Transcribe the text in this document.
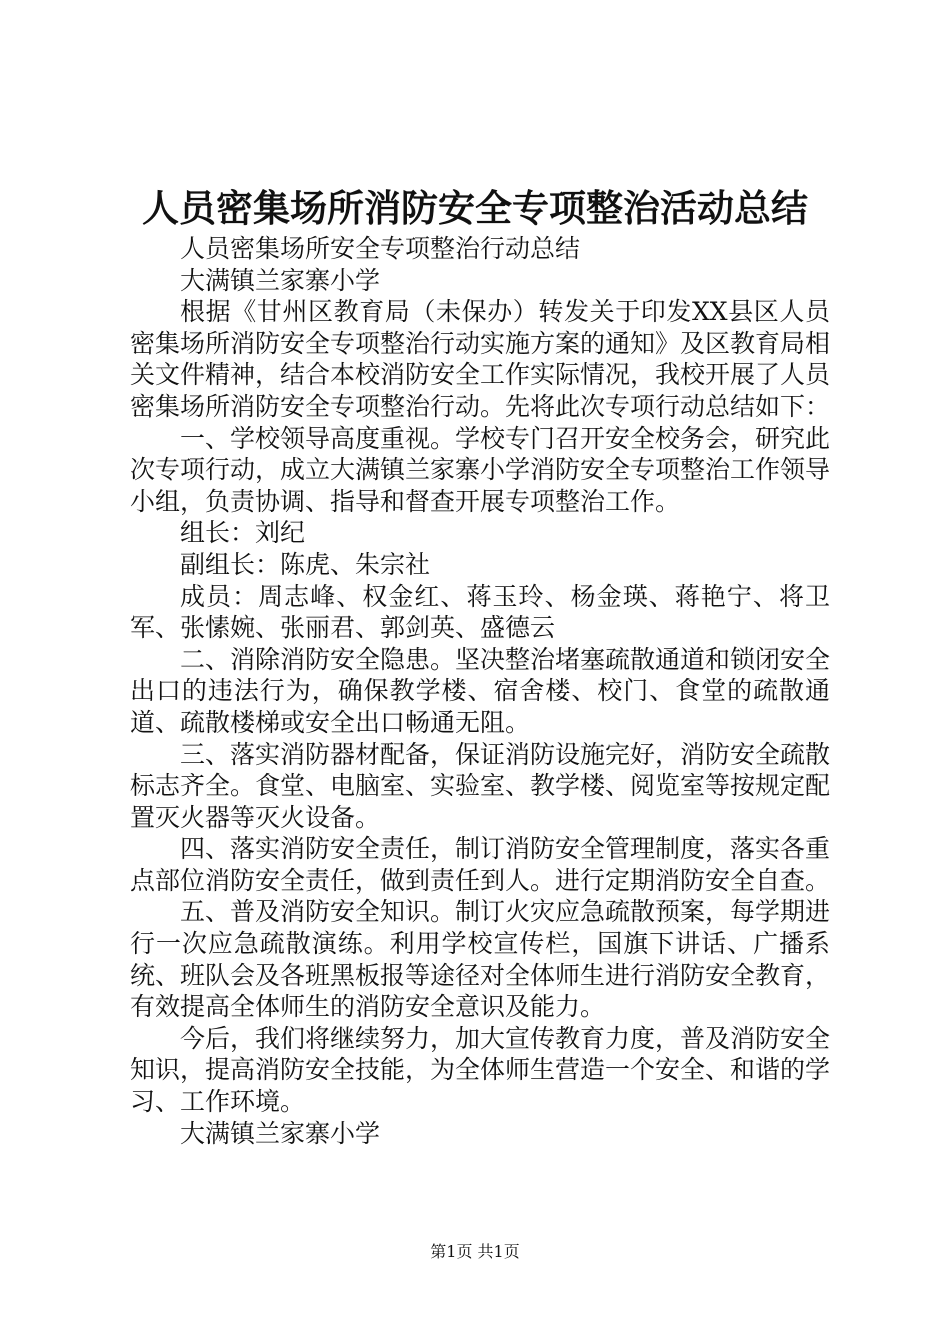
人员密集场所消防安全专项整治活动总结

人员密集场所安全专项整治行动总结

大满镇兰家寨小学

根据《甘州区教育局（未保办）转发关于印发XX县区人员密集场所消防安全专项整治行动实施方案的通知》及区教育局相关文件精神，结合本校消防安全工作实际情况，我校开展了人员密集场所消防安全专项整治行动。先将此次专项行动总结如下：

一、学校领导高度重视。学校专门召开安全校务会，研究此次专项行动，成立大满镇兰家寨小学消防安全专项整治工作领导小组，负责协调、指导和督查开展专项整治工作。

组长：刘纪

副组长：陈虎、朱宗社

成员：周志峰、权金红、蒋玉玲、杨金瑛、蒋艳宁、将卫军、张愫婉、张丽君、郭剑英、盛德云

二、消除消防安全隐患。坚决整治堵塞疏散通道和锁闭安全出口的违法行为，确保教学楼、宿舍楼、校门、食堂的疏散通道、疏散楼梯或安全出口畅通无阻。

三、落实消防器材配备，保证消防设施完好，消防安全疏散标志齐全。食堂、电脑室、实验室、教学楼、阅览室等按规定配置灭火器等灭火设备。

四、落实消防安全责任，制订消防安全管理制度，落实各重点部位消防安全责任，做到责任到人。进行定期消防安全自查。

五、普及消防安全知识。制订火灾应急疏散预案，每学期进行一次应急疏散演练。利用学校宣传栏，国旗下讲话、广播系统、班队会及各班黑板报等途径对全体师生进行消防安全教育，有效提高全体师生的消防安全意识及能力。

今后，我们将继续努力，加大宣传教育力度，普及消防安全知识，提高消防安全技能，为全体师生营造一个安全、和谐的学习、工作环境。

大满镇兰家寨小学

第1页 共1页
